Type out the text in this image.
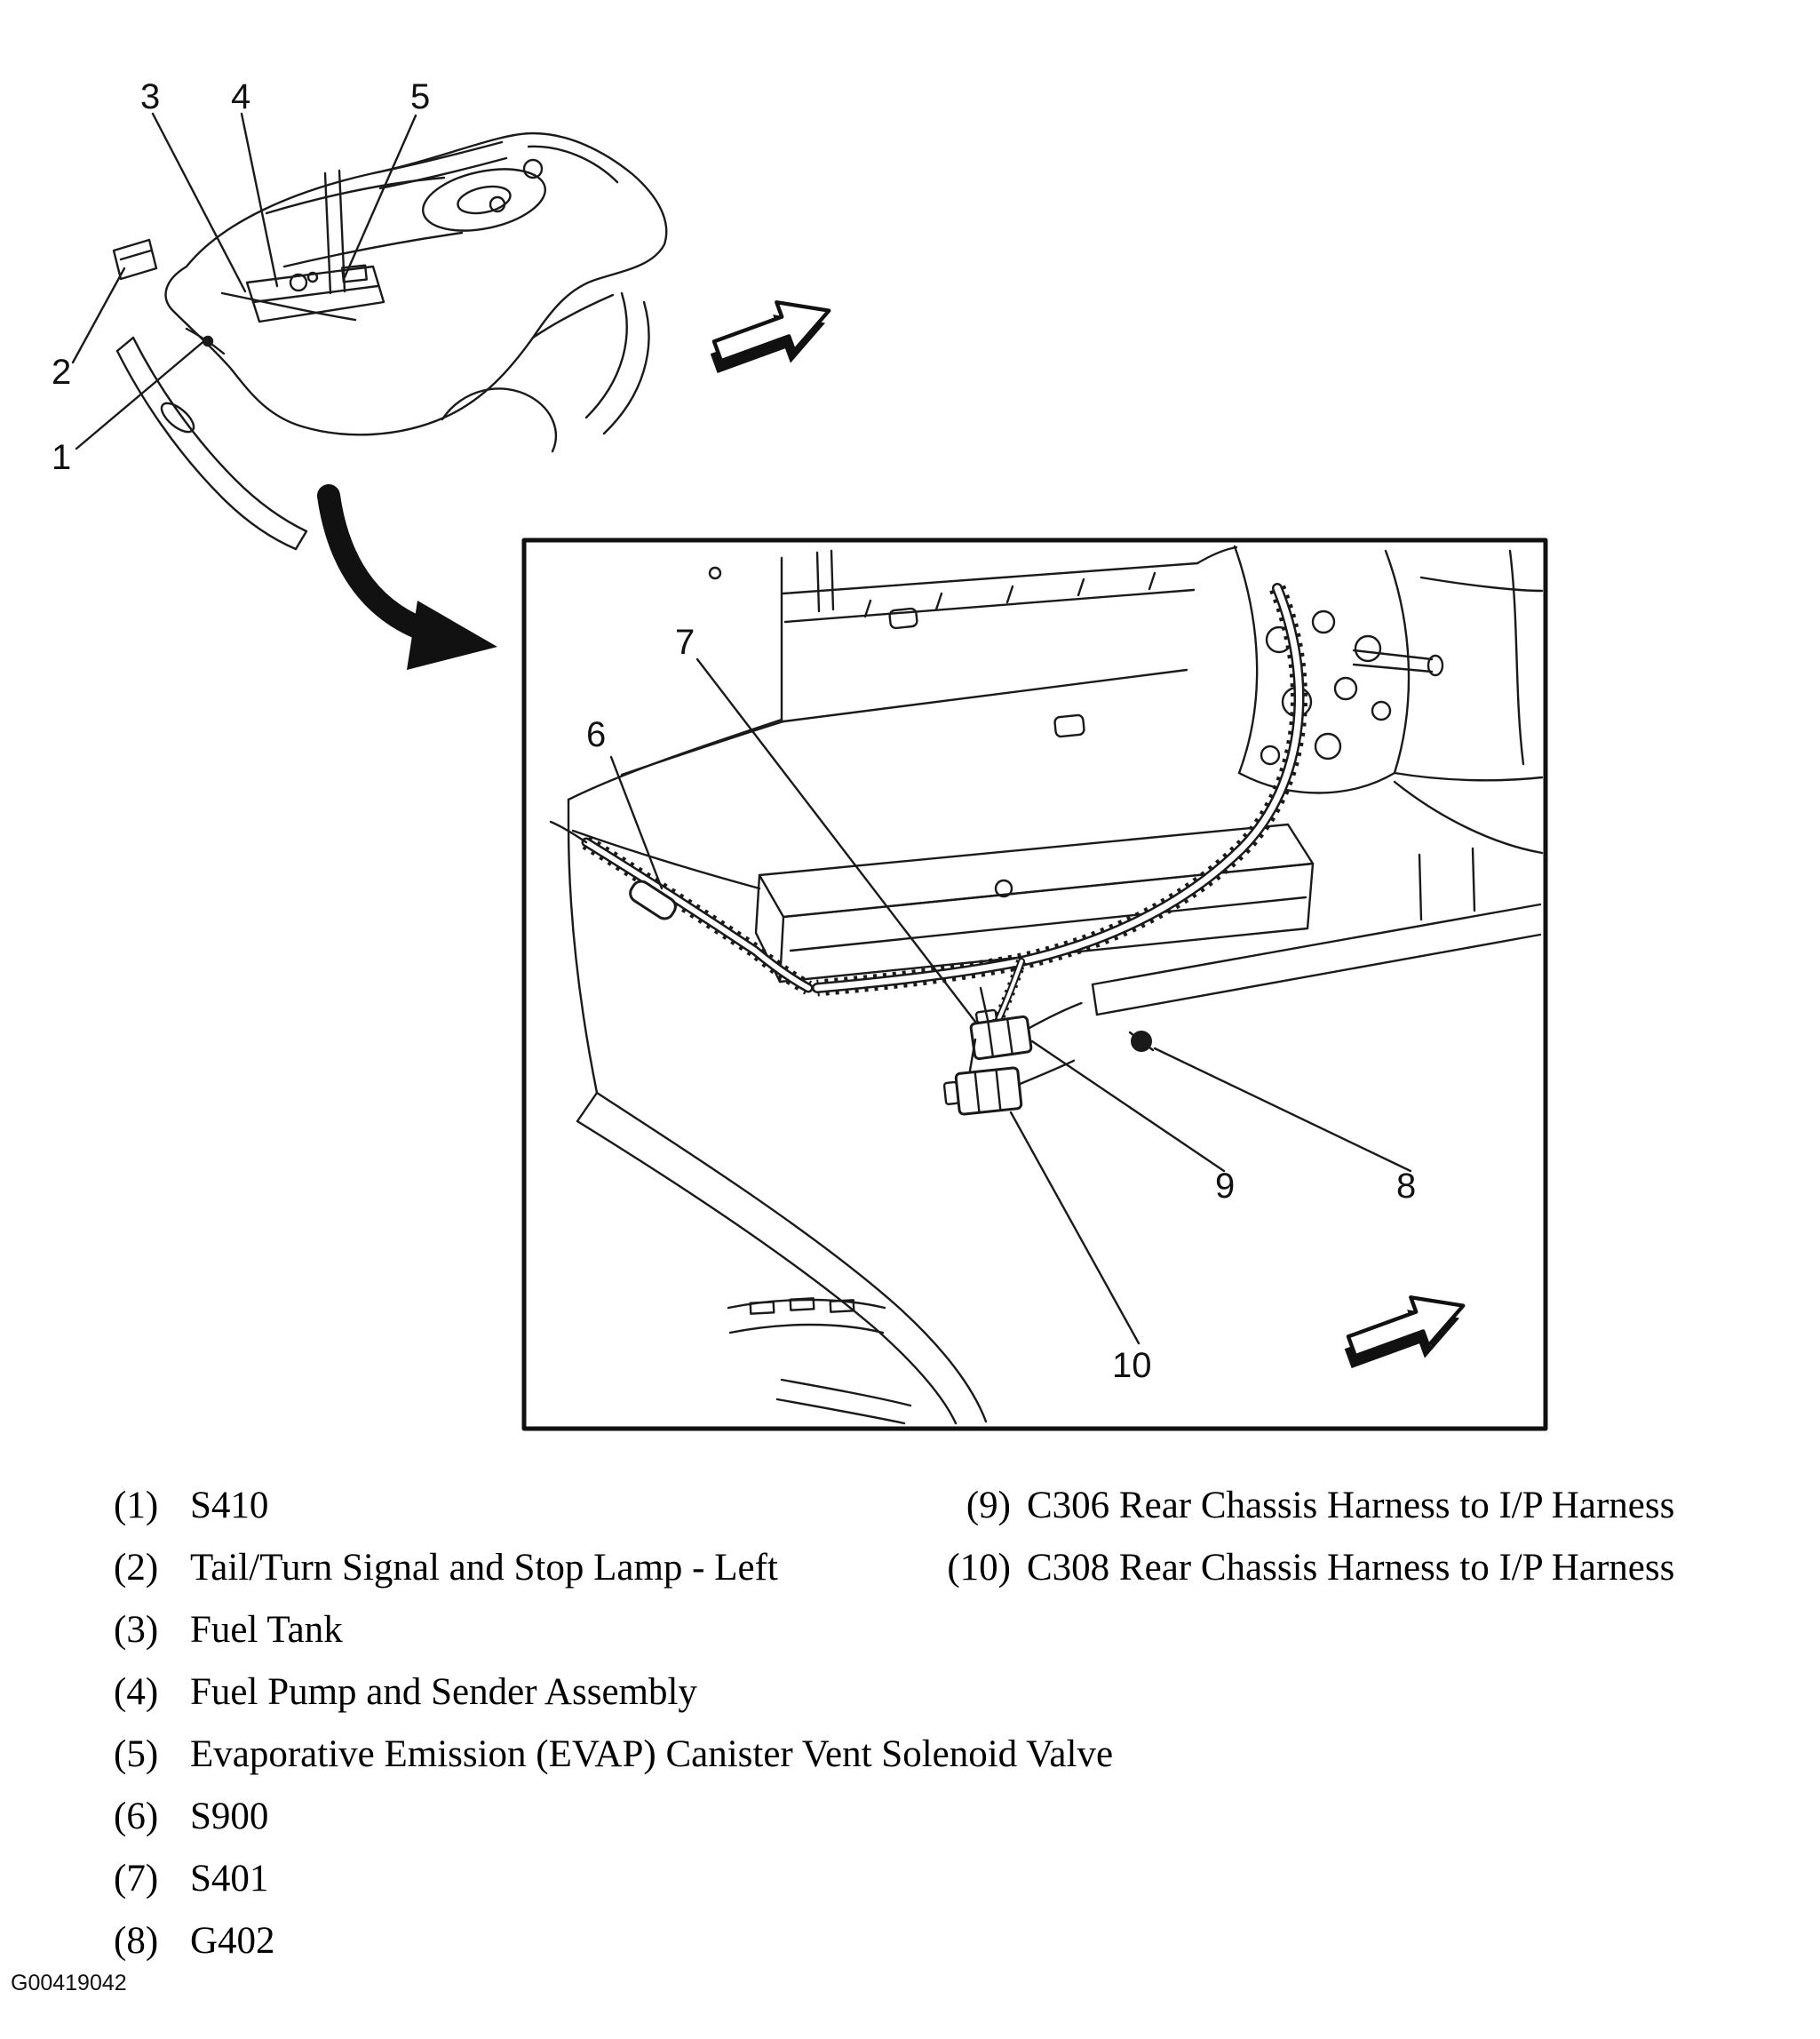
1
2
3 4	5
6
7
8
9
10
(1) S410
(2) Tail/Turn Signal and Stop Lamp - Left
(3) Fuel Tank
(4) Fuel Pump and Sender Assembly
(5) Evaporative Emission (EVAP) Canister Vent Solenoid Valve
(6) S900
(7) S401
(8) G402
(9) C306 Rear Chassis Harness to I/P Harness
(10) C308 Rear Chassis Harness to I/P Harness
G00419042
